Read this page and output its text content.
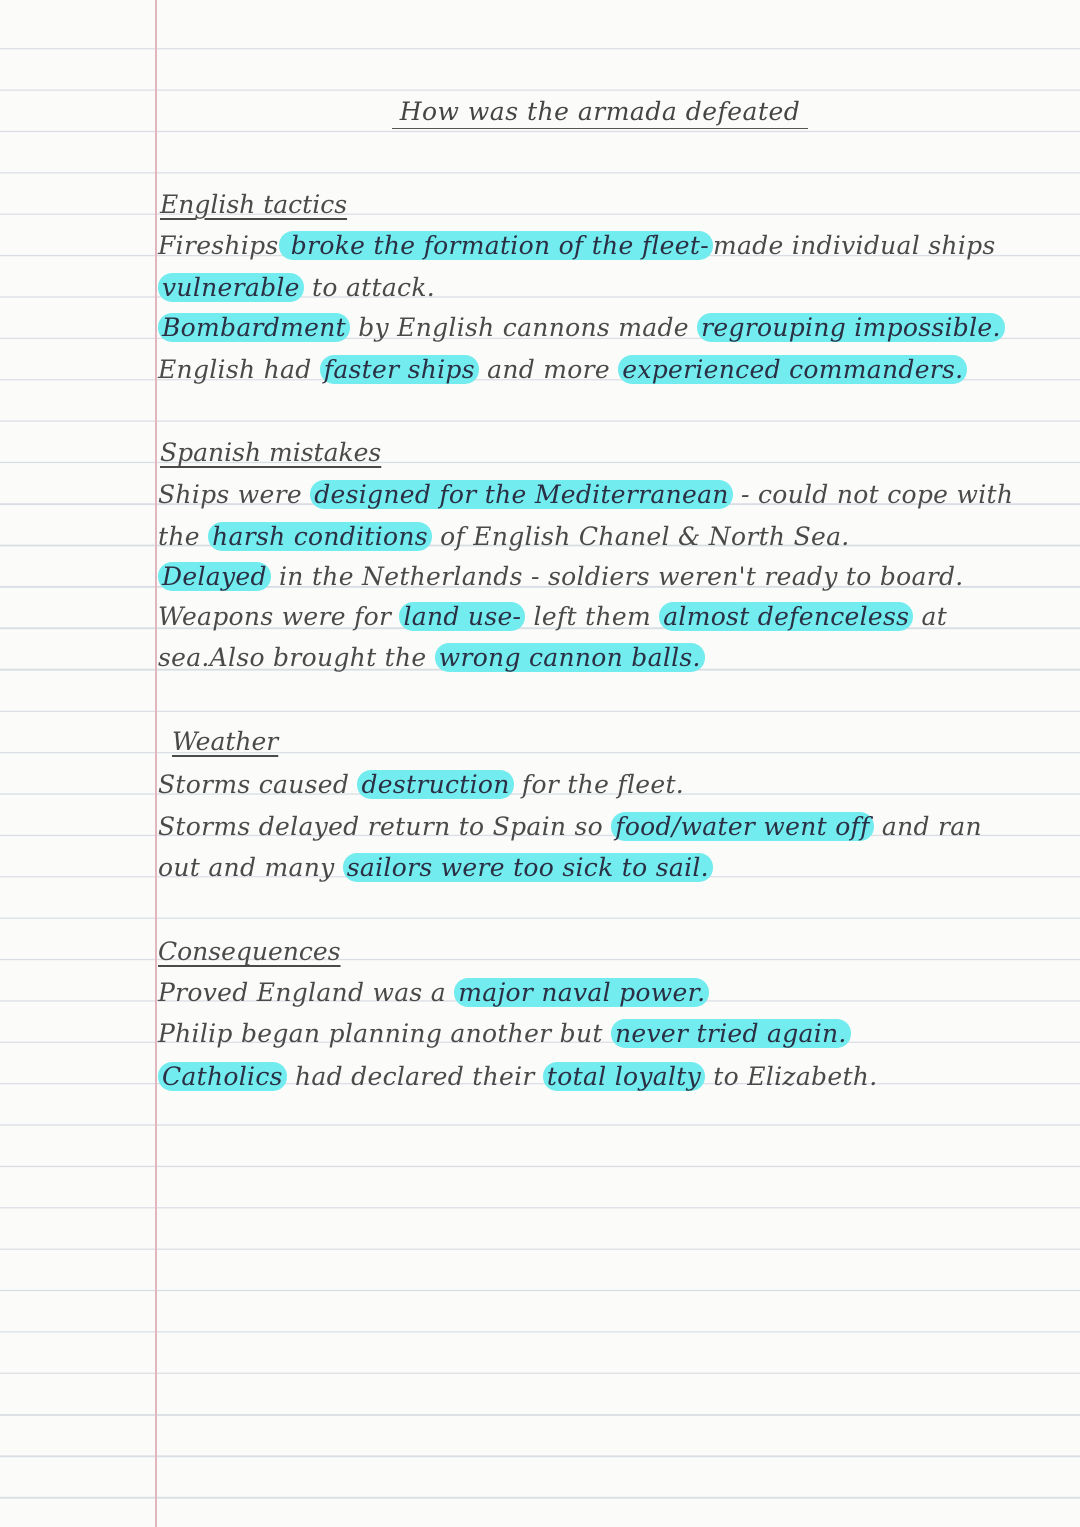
How was the armada defeated
English tactics
Fireships broke the formation of the fleet- made individual ships
vulnerable to attack.
Bombardment by English cannons made regrouping impossible.
English had faster ships and more experienced commanders.
Spanish mistakes
Ships were designed for the Mediterranean - could not cope with
the harsh conditions of English Chanel & North Sea.
Delayed in the Netherlands - soldiers weren't ready to board.
Weapons were for land use- left them almost defenceless at
sea.Also brought the wrong cannon balls.
Weather
Storms caused destruction for the fleet.
Storms delayed return to Spain so food/water went off and ran
out and many sailors were too sick to sail.
Consequences
Proved England was a major naval power.
Philip began planning another but never tried again.
Catholics had declared their total loyalty to Elizabeth.
